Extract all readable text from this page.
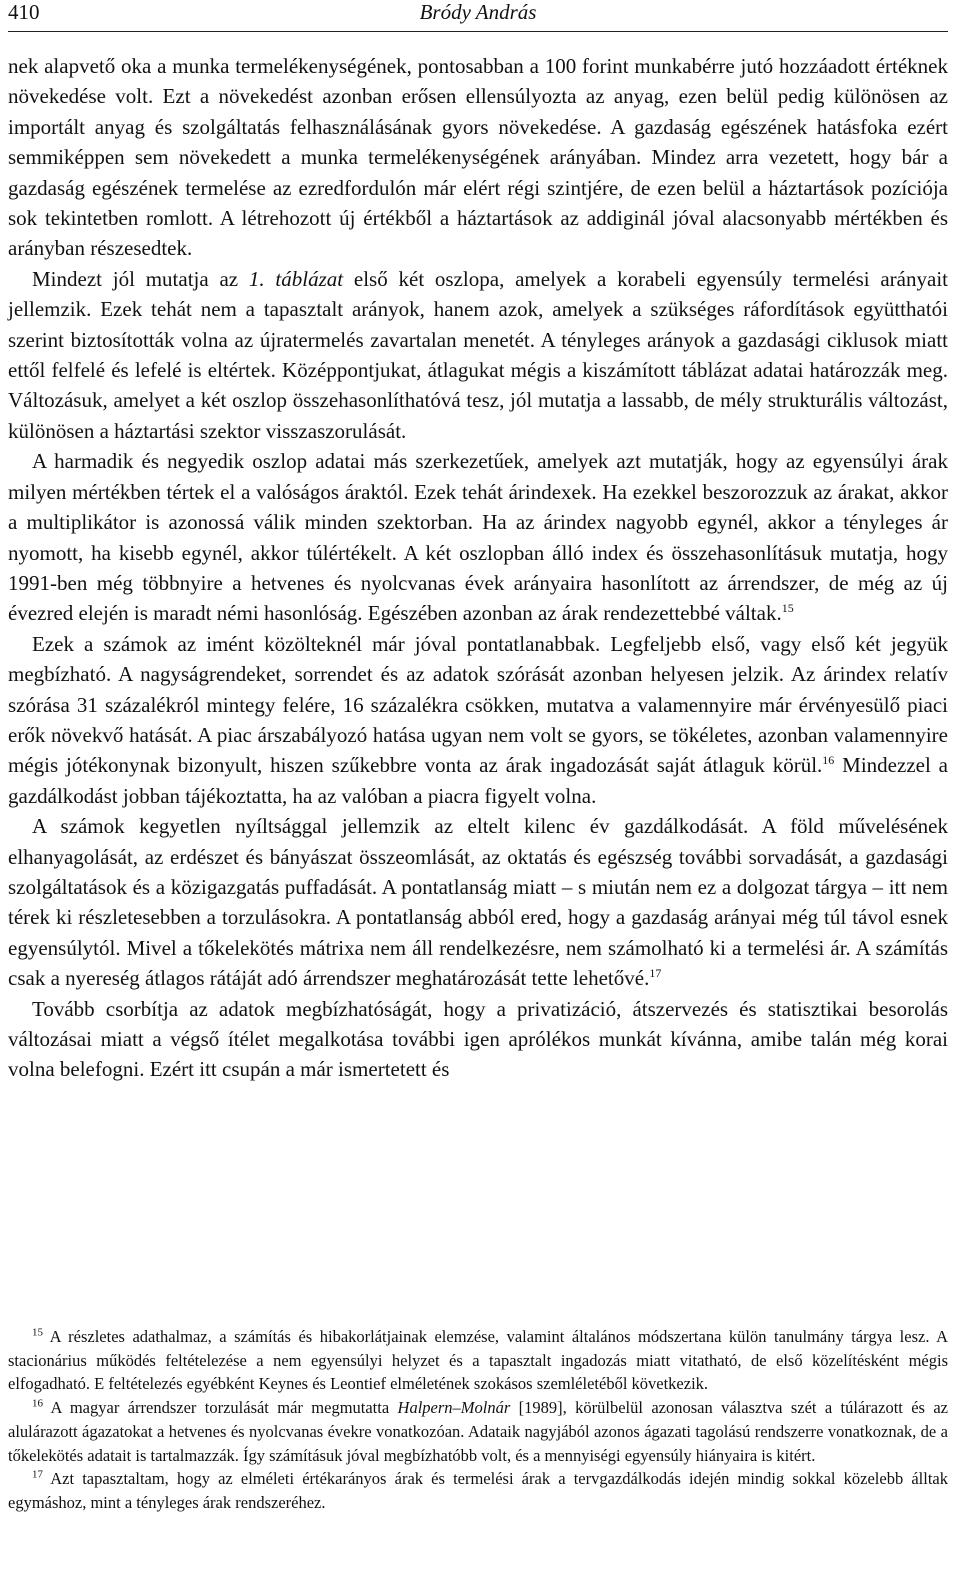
410	Bródy András

nek alapvető oka a munka termelékenységének, pontosabban a 100 forint munkabérre jutó hozzáadott értéknek növekedése volt. Ezt a növekedést azonban erősen ellensúlyozta az anyag, ezen belül pedig különösen az importált anyag és szolgáltatás felhasználásának gyors növekedése. A gazdaság egészének hatásfoka ezért semmiképpen sem növekedett a munka termelékenységének arányában. Mindez arra vezetett, hogy bár a gazdaság egészének termelése az ezredfordulón már elért régi szintjére, de ezen belül a háztartások pozíciója sok tekintetben romlott. A létrehozott új értékből a háztartások az addiginál jóval alacsonyabb mértékben és arányban részesedtek.

Mindezt jól mutatja az 1. táblázat első két oszlopa, amelyek a korabeli egyensúly termelési arányait jellemzik. Ezek tehát nem a tapasztalt arányok, hanem azok, amelyek a szükséges ráfordítások együtthatói szerint biztosították volna az újratermelés zavartalan menetét. A tényleges arányok a gazdasági ciklusok miatt ettől felfelé és lefelé is eltértek. Középpontjukat, átlagukat mégis a kiszámított táblázat adatai határozzák meg. Változásuk, amelyet a két oszlop összehasonlíthatóvá tesz, jól mutatja a lassabb, de mély strukturális változást, különösen a háztartási szektor visszaszorulását.

A harmadik és negyedik oszlop adatai más szerkezetűek, amelyek azt mutatják, hogy az egyensúlyi árak milyen mértékben tértek el a valóságos áraktól. Ezek tehát árindexek. Ha ezekkel beszorozzuk az árakat, akkor a multiplikátor is azonossá válik minden szektorban. Ha az árindex nagyobb egynél, akkor a tényleges ár nyomott, ha kisebb egynél, akkor túlértékelt. A két oszlopban álló index és összehasonlításuk mutatja, hogy 1991-ben még többnyire a hetvenes és nyolcvanas évek arányaira hasonlított az árrendszer, de még az új évezred elején is maradt némi hasonlóság. Egészében azonban az árak rendezettebbé váltak.$^{15}$

Ezek a számok az imént közölteknél már jóval pontatlanabbak. Legfeljebb első, vagy első két jegyük megbízható. A nagyságrendeket, sorrendet és az adatok szórását azonban helyesen jelzik. Az árindex relatív szórása 31 százalékról mintegy felére, 16 százalékra csökken, mutatva a valamennyire már érvényesülő piaci erők növekvő hatását. A piac árszabályozó hatása ugyan nem volt se gyors, se tökéletes, azonban valamennyire mégis jótékonynak bizonyult, hiszen szűkebbre vonta az árak ingadozását saját átlaguk körül.$^{16}$ Mindezzel a gazdálkodást jobban tájékoztatta, ha az valóban a piacra figyelt volna.

A számok kegyetlen nyíltsággal jellemzik az eltelt kilenc év gazdálkodását. A föld művelésének elhanyagolását, az erdészet és bányászat összeomlását, az oktatás és egészség további sorvadását, a gazdasági szolgáltatások és a közigazgatás puffadását. A pontatlanság miatt – s miután nem ez a dolgozat tárgya – itt nem térek ki részletesebben a torzulásokra. A pontatlanság abból ered, hogy a gazdaság arányai még túl távol esnek egyensúlytól. Mivel a tőkelekötés mátrixa nem áll rendelkezésre, nem számolható ki a termelési ár. A számítás csak a nyereség átlagos rátáját adó árrendszer meghatározását tette lehetővé.$^{17}$

Tovább csorbítja az adatok megbízhatóságát, hogy a privatizáció, átszervezés és statisztikai besorolás változásai miatt a végső ítélet megalkotása további igen aprólékos munkát kívánna, amibe talán még korai volna belefogni. Ezért itt csupán a már ismertetett és

$^{15}$ A részletes adathalmaz, a számítás és hibakorlátjainak elemzése, valamint általános módszertana külön tanulmány tárgya lesz. A stacionárius működés feltételezése a nem egyensúlyi helyzet és a tapasztalt ingadozás miatt vitatható, de első közelítésként mégis elfogadható. E feltételezés egyébként Keynes és Leontief elméletének szokásos szemléletéből következik.

$^{16}$ A magyar árrendszer torzulását már megmutatta Halpern–Molnár [1989], körülbelül azonosan választva szét a túlárazott és az alulárazott ágazatokat a hetvenes és nyolcvanas évekre vonatkozóan. Adataik nagyjából azonos ágazati tagolású rendszerre vonatkoznak, de a tőkelekötés adatait is tartalmazzák. Így számításuk jóval megbízhatóbb volt, és a mennyiségi egyensúly hiányaira is kitért.

$^{17}$ Azt tapasztaltam, hogy az elméleti értékarányos árak és termelési árak a tervgazdálkodás idején mindig sokkal közelebb álltak egymáshoz, mint a tényleges árak rendszeréhez.
